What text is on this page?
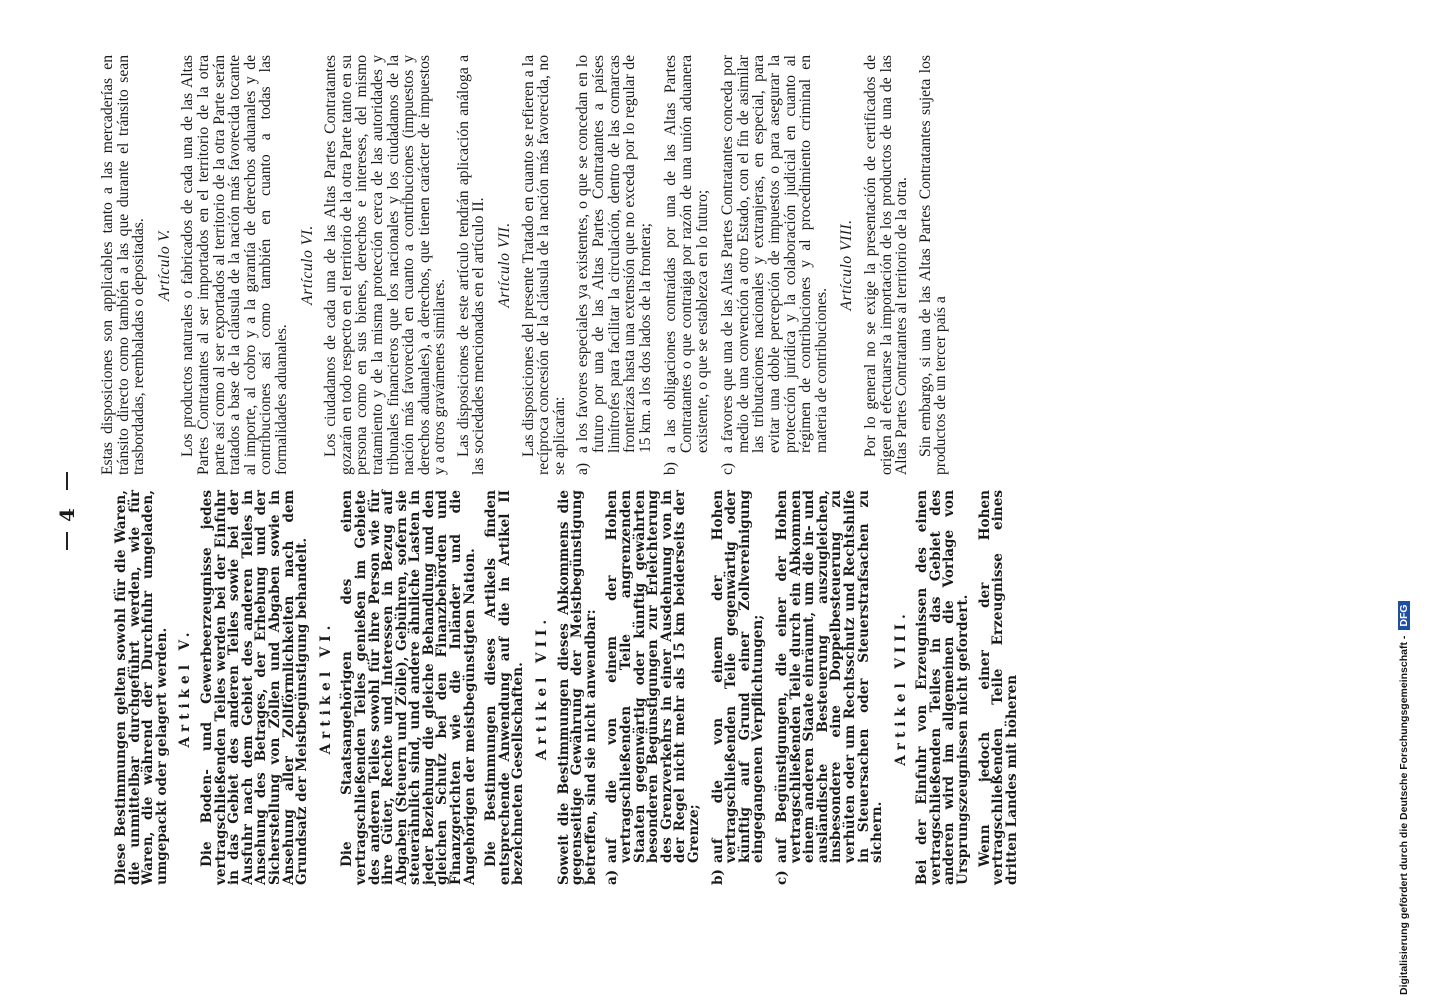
4	Diese Bestimmungen gelten sowohl für die Waren, die unmittelbar durchgeführt werden, wie für Waren, die während der Durchfuhr umgeladen, umgepackt oder gelagert werden. Artikel V. Die Boden- und Gewerbeerzeugnisse jedes vertragschließenden Teiles werden bei der Einfuhr in das Gebiet des anderen Teiles sowie bei der Ausfuhr nach dem Gebiet des anderen Teiles in Ansehung des Betrages, der Erhebung und der Sicherstellung von Zöllen und Abgaben sowie in Ansehung aller Zollförmlichkeiten nach dem Grundsatz der Meistbegünstigung behandelt. Artikel VI. Die Staatsangehörigen des einen vertragschließenden Teiles genießen im Gebiete des anderen Teiles sowohl für ihre Person wie für ihre Güter, Rechte und Interessen in Bezug auf Abgaben (Steuern und Zölle), Gebühren, sofern sie steuerähnlich sind, und andere ähnliche Lasten in jeder Beziehung die gleiche Behandlung und den gleichen Schutz bei den Finanzbehörden und Finanzgerichten wie die Inländer und die Angehörigen der meistbegünstigten Nation. Die Bestimmungen dieses Artikels finden entsprechende Anwendung auf die in Artikel II bezeichneten Gesellschaften. Artikel VII. Soweit die Bestimmungen dieses Abkommens die gegenseitige Gewährung der Meistbegünstigung betreffen, sind sie nicht anwendbar: a)
auf die von einem der Hohen vertragschließenden Teile angrenzenden Staaten gegenwärtig oder künftig gewährten besonderen Begünstigungen zur Erleichterung des Grenzverkehrs in einer Ausdehnung von in der Regel nicht mehr als 15 km beiderseits der Grenze;
b)
auf die von einem der Hohen vertragschließenden Teile gegenwärtig oder künftig auf Grund einer Zollvereinigung eingegangenen Verpflichtungen;
c)
auf Begünstigungen, die einer der Hohen vertragschließenden Teile durch ein Abkommen einem anderen Staate einräumt, um die in- und ausländische Besteuerung auszugleichen, insbesondere eine Doppelbesteuerung zu verhüten oder um Rechtsschutz und Rechtshilfe in Steuersachen oder Steuerstrafsachen zu sichern.
Artikel VIII. Bei der Einfuhr von Erzeugnissen des einen vertragschließenden Teiles in das Gebiet des anderen wird im allgemeinen die Vorlage von Ursprungszeugnissen nicht gefordert. Wenn jedoch einer der Hohen vertragschließenden Teile Erzeugnisse eines dritten Landes mit höheren

Estas disposiciones son applicables tanto a las mercaderías en tránsito directo como también a las que durante el tránsito sean trasbordadas, reembaladas o depositadas. Artículo V. Los productos naturales o fabricados de cada una de las Altas Partes Contratantes al ser importados en el territorio de la otra parte así como al ser exportados al territorio de la otra Parte serán tratados a base de la cláusula de la nación más favorecida tocante al importe, al cobro y a la garantía de derechos aduanales y de contribuciones así como también en cuanto a todas las formalidades aduanales.

Artículo VI. Los ciudadanos de cada una de las Altas Partes Contratantes gozarán en todo respecto en el territorio de la otra Parte tanto en su persona como en sus bienes, derechos e intereses, del mismo tratamiento y de la misma protección cerca de las autoridades y tribunales financieros que los nacionales y los ciudadanos de la nación más favorecida en cuanto a contribuciones (impuestos y derechos aduanales), a derechos, que tienen carácter de impuestos y a otros gravámenes similares. Las disposiciones de este artículo tendrán aplicación análoga a las sociedades mencionadas en el artículo II. Artículo VII. Las disposiciones del presente Tratado en cuanto se refieren a la recíproca concesión de la cláusula de la nación más favorecida, no se aplicarán: a)
a los favores especiales ya existentes, o que se concedan en lo futuro por una de las Altas Partes Contratantes a países limítrofes para facilitar la circulación, dentro de las comarcas fronterizas hasta una extensión que no exceda por lo regular de 15 km. a los dos lados de la frontera;
b)
a las obligaciones contraídas por una de las Altas Partes Contratantes o que contraiga por razón de una unión aduanera existente, o que se establezca en lo futuro;
c)
a favores que una de las Altas Partes Contratantes conceda por medio de una convención a otro Estado, con el fin de asimilar las tributaciones nacionales y extranjeras, en especial, para evitar una doble percepción de impuestos o para asegurar la protección jurídica y la colaboración judicial en cuanto al régimen de contribuciones y al procedimiento criminal en materia de contribuciones.
Artículo VIII. Por lo general no se exige la presentación de certificados de origen al efectuarse la importación de los productos de una de las Altas Partes Contratantes al territorio de la otra. Sin embargo, si una de las Altas Partes Contratantes sujeta los productos de un tercer país a

Digitalisierung gefördert durch die Deutsche Forschungsgemeinschaft -DFG
